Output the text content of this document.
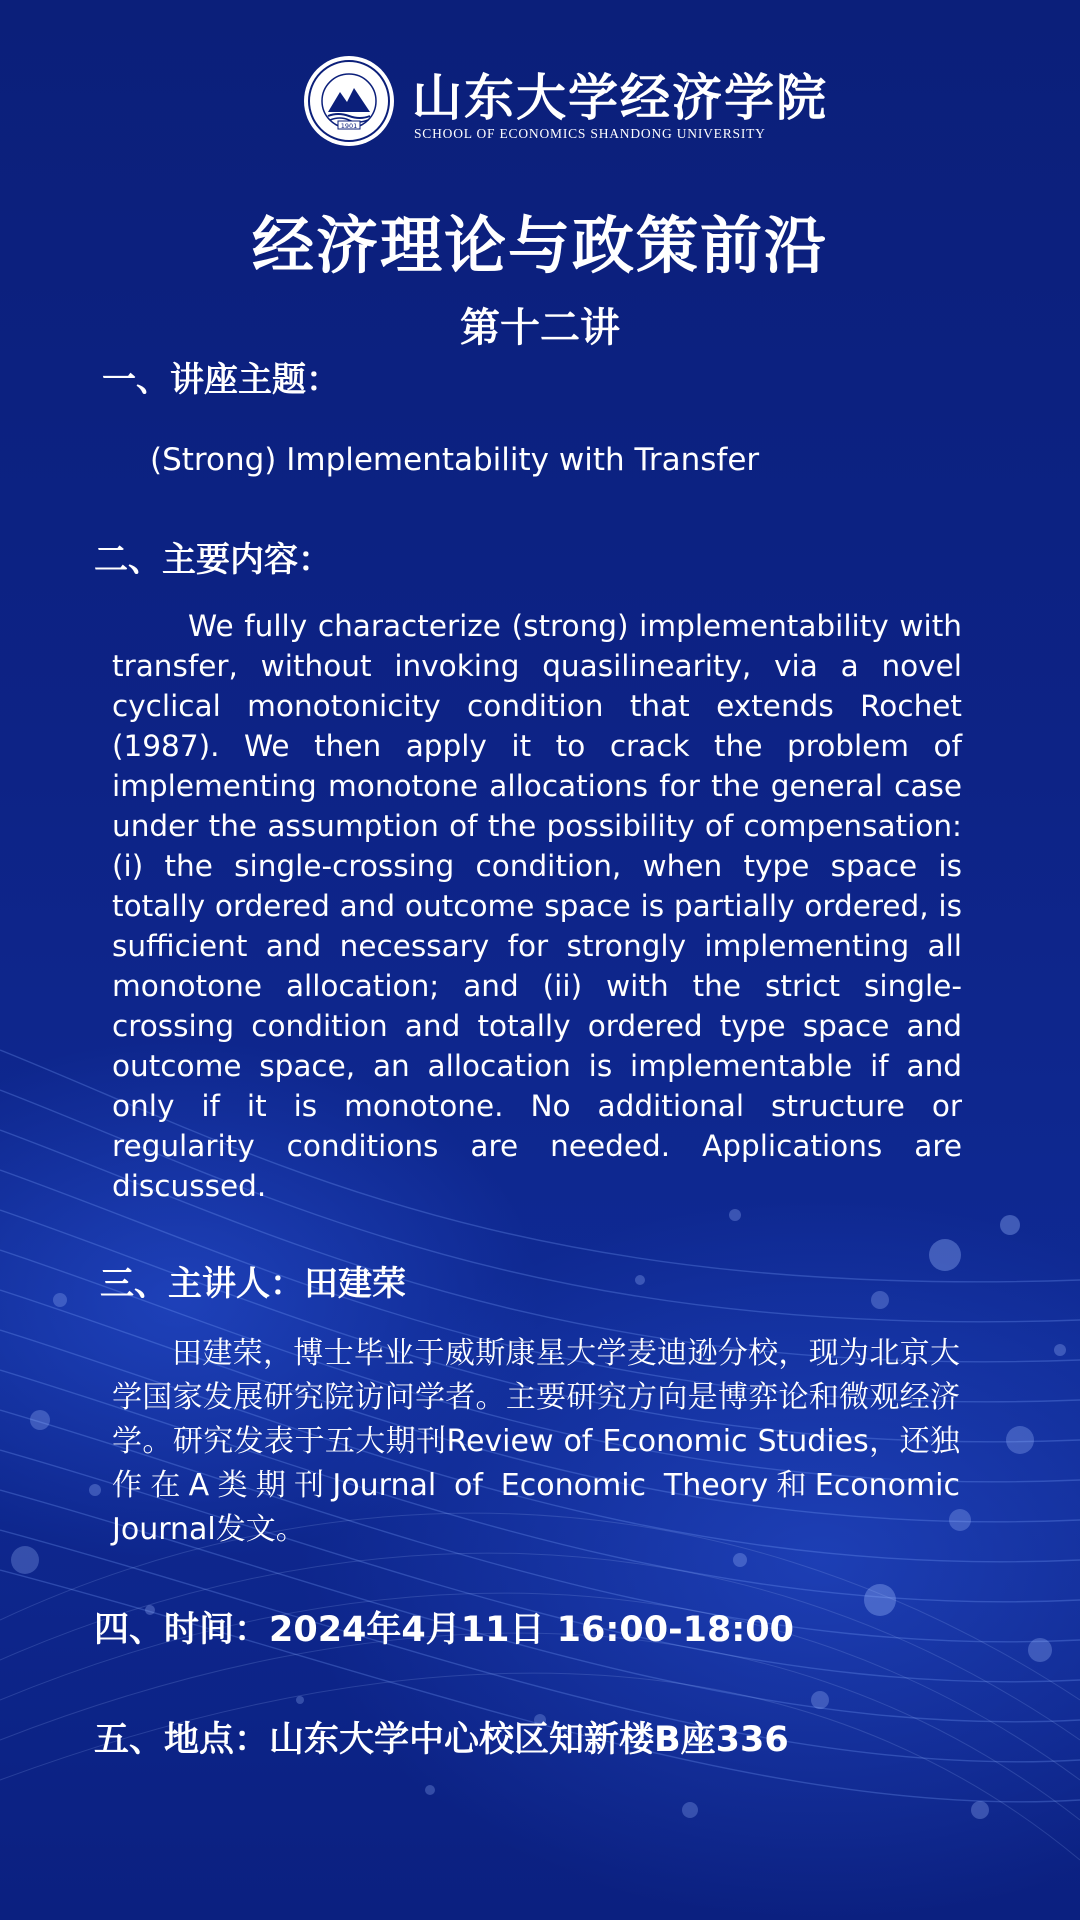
1901 山东大学经济学院
SCHOOL OF ECONOMICS SHANDONG UNIVERSITY
经济理论与政策前沿
第十二讲
一、讲座主题：
(Strong) Implementability with Transfer
二、主要内容：
We fully characterize (strong) implementability with transfer, without invoking quasilinearity, via a novel cyclical monotonicity condition that extends Rochet (1987). We then apply it to crack the problem of implementing monotone allocations for the general case under the assumption of the possibility of compensation: (i) the single-crossing condition, when type space is totally ordered and outcome space is partially ordered, is sufficient and necessary for strongly implementing all monotone allocation; and (ii) with the strict single-crossing condition and totally ordered type space and outcome space, an allocation is implementable if and only if it is monotone. No additional structure or regularity conditions are needed. Applications are discussed.
三、主讲人：田建荣
田建荣，博士毕业于威斯康星大学麦迪逊分校，现为北京大学国家发展研究院访问学者。主要研究方向是博弈论和微观经济学。研究发表于五大期刊Review of Economic Studies，还独作在A类期刊Journal of Economic Theory和Economic Journal发文。
四、时间：2024年4月11日 16:00-18:00
五、地点：山东大学中心校区知新楼B座336
